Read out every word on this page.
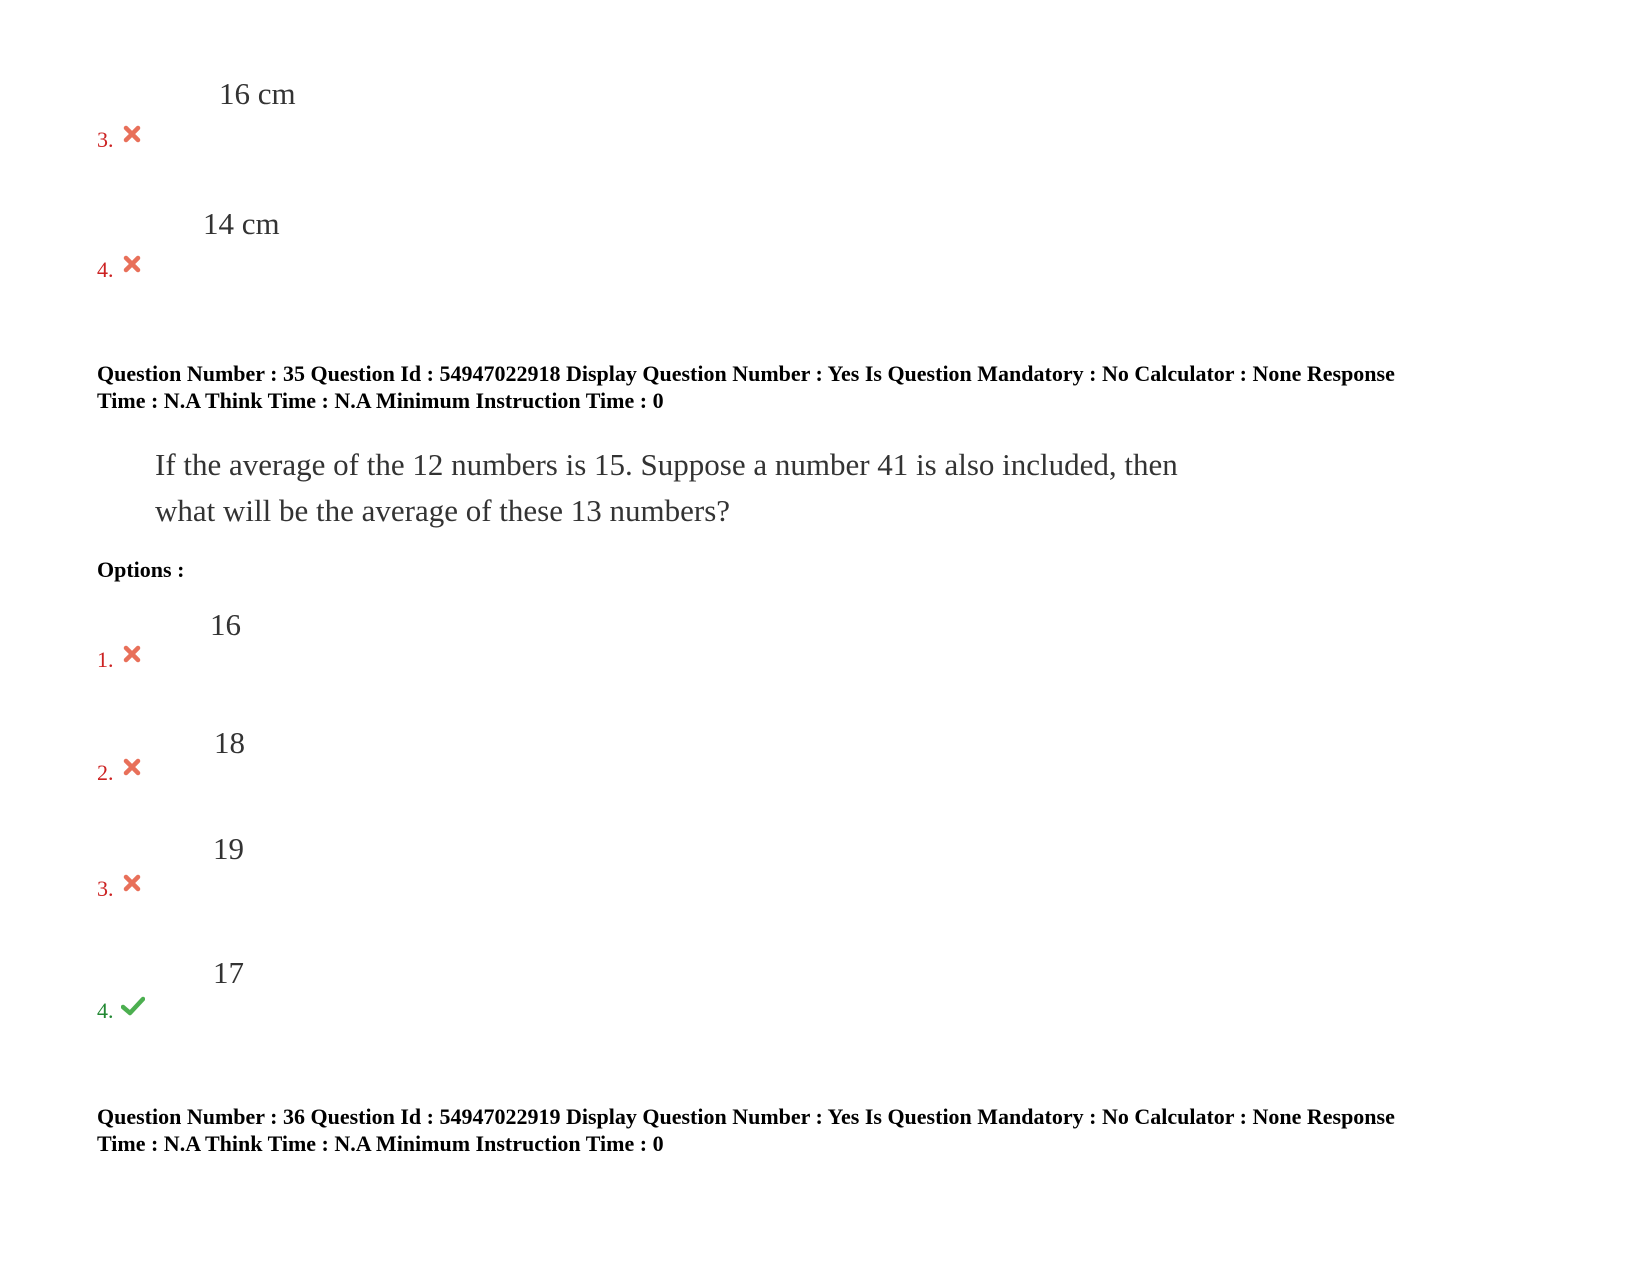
16 cm
3.
14 cm
4.
Question Number : 35 Question Id : 54947022918 Display Question Number : Yes Is Question Mandatory : No Calculator : None Response
Time : N.A Think Time : N.A Minimum Instruction Time : 0
If the average of the 12 numbers is 15. Suppose a number 41 is also included, then
what will be the average of these 13 numbers?
Options :
16
1.
18
2.
19
3.
17
4.
Question Number : 36 Question Id : 54947022919 Display Question Number : Yes Is Question Mandatory : No Calculator : None Response
Time : N.A Think Time : N.A Minimum Instruction Time : 0
